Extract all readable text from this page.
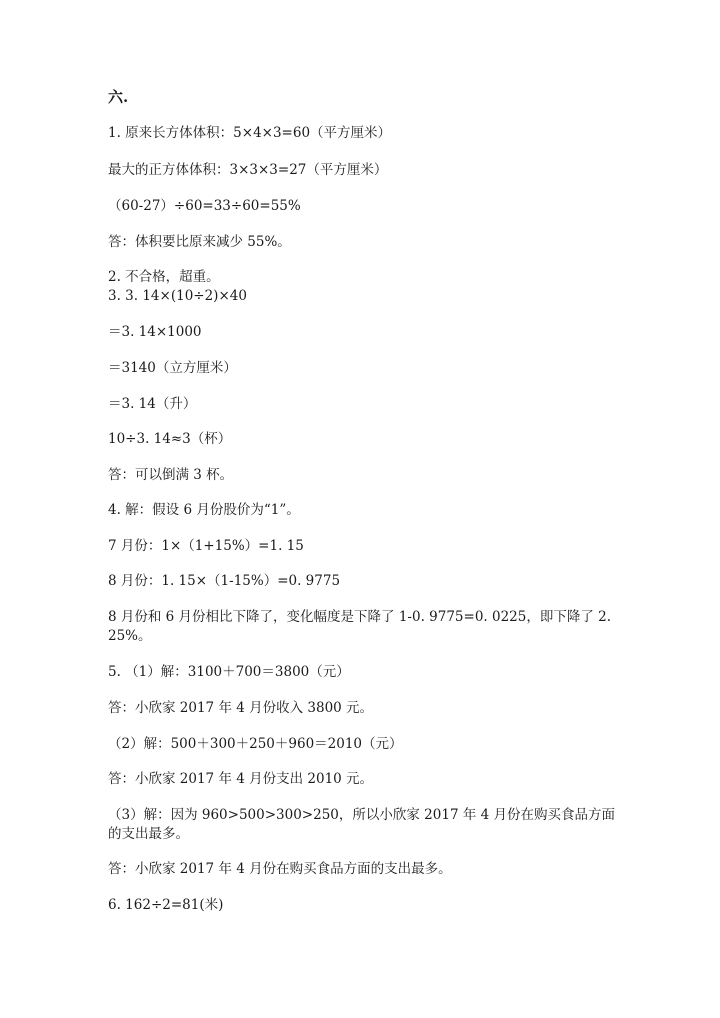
六.
1. 原来长方体体积：5×4×3=60（平方厘米）
最大的正方体体积：3×3×3=27（平方厘米）
（60-27）÷60=33÷60=55%
答：体积要比原来减少 55%。
2. 不合格，超重。
3. 3. 14×(10÷2)×40
＝3. 14×1000
＝3140（立方厘米）
＝3. 14（升）
10÷3. 14≈3（杯）
答：可以倒满 3 杯。
4. 解：假设 6 月份股价为“1”。
7 月份：1×（1+15%）=1. 15
8 月份：1. 15×（1-15%）=0. 9775
8 月份和 6 月份相比下降了，变化幅度是下降了 1-0. 9775=0. 0225，即下降了 2. 25%。
5. （1）解：3100＋700＝3800（元）
答：小欣家 2017 年 4 月份收入 3800 元。
（2）解：500＋300＋250＋960＝2010（元）
答：小欣家 2017 年 4 月份支出 2010 元。
（3）解：因为 960>500>300>250，所以小欣家 2017 年 4 月份在购买食品方面的支出最多。
答：小欣家 2017 年 4 月份在购买食品方面的支出最多。
6. 162÷2=81(米)
